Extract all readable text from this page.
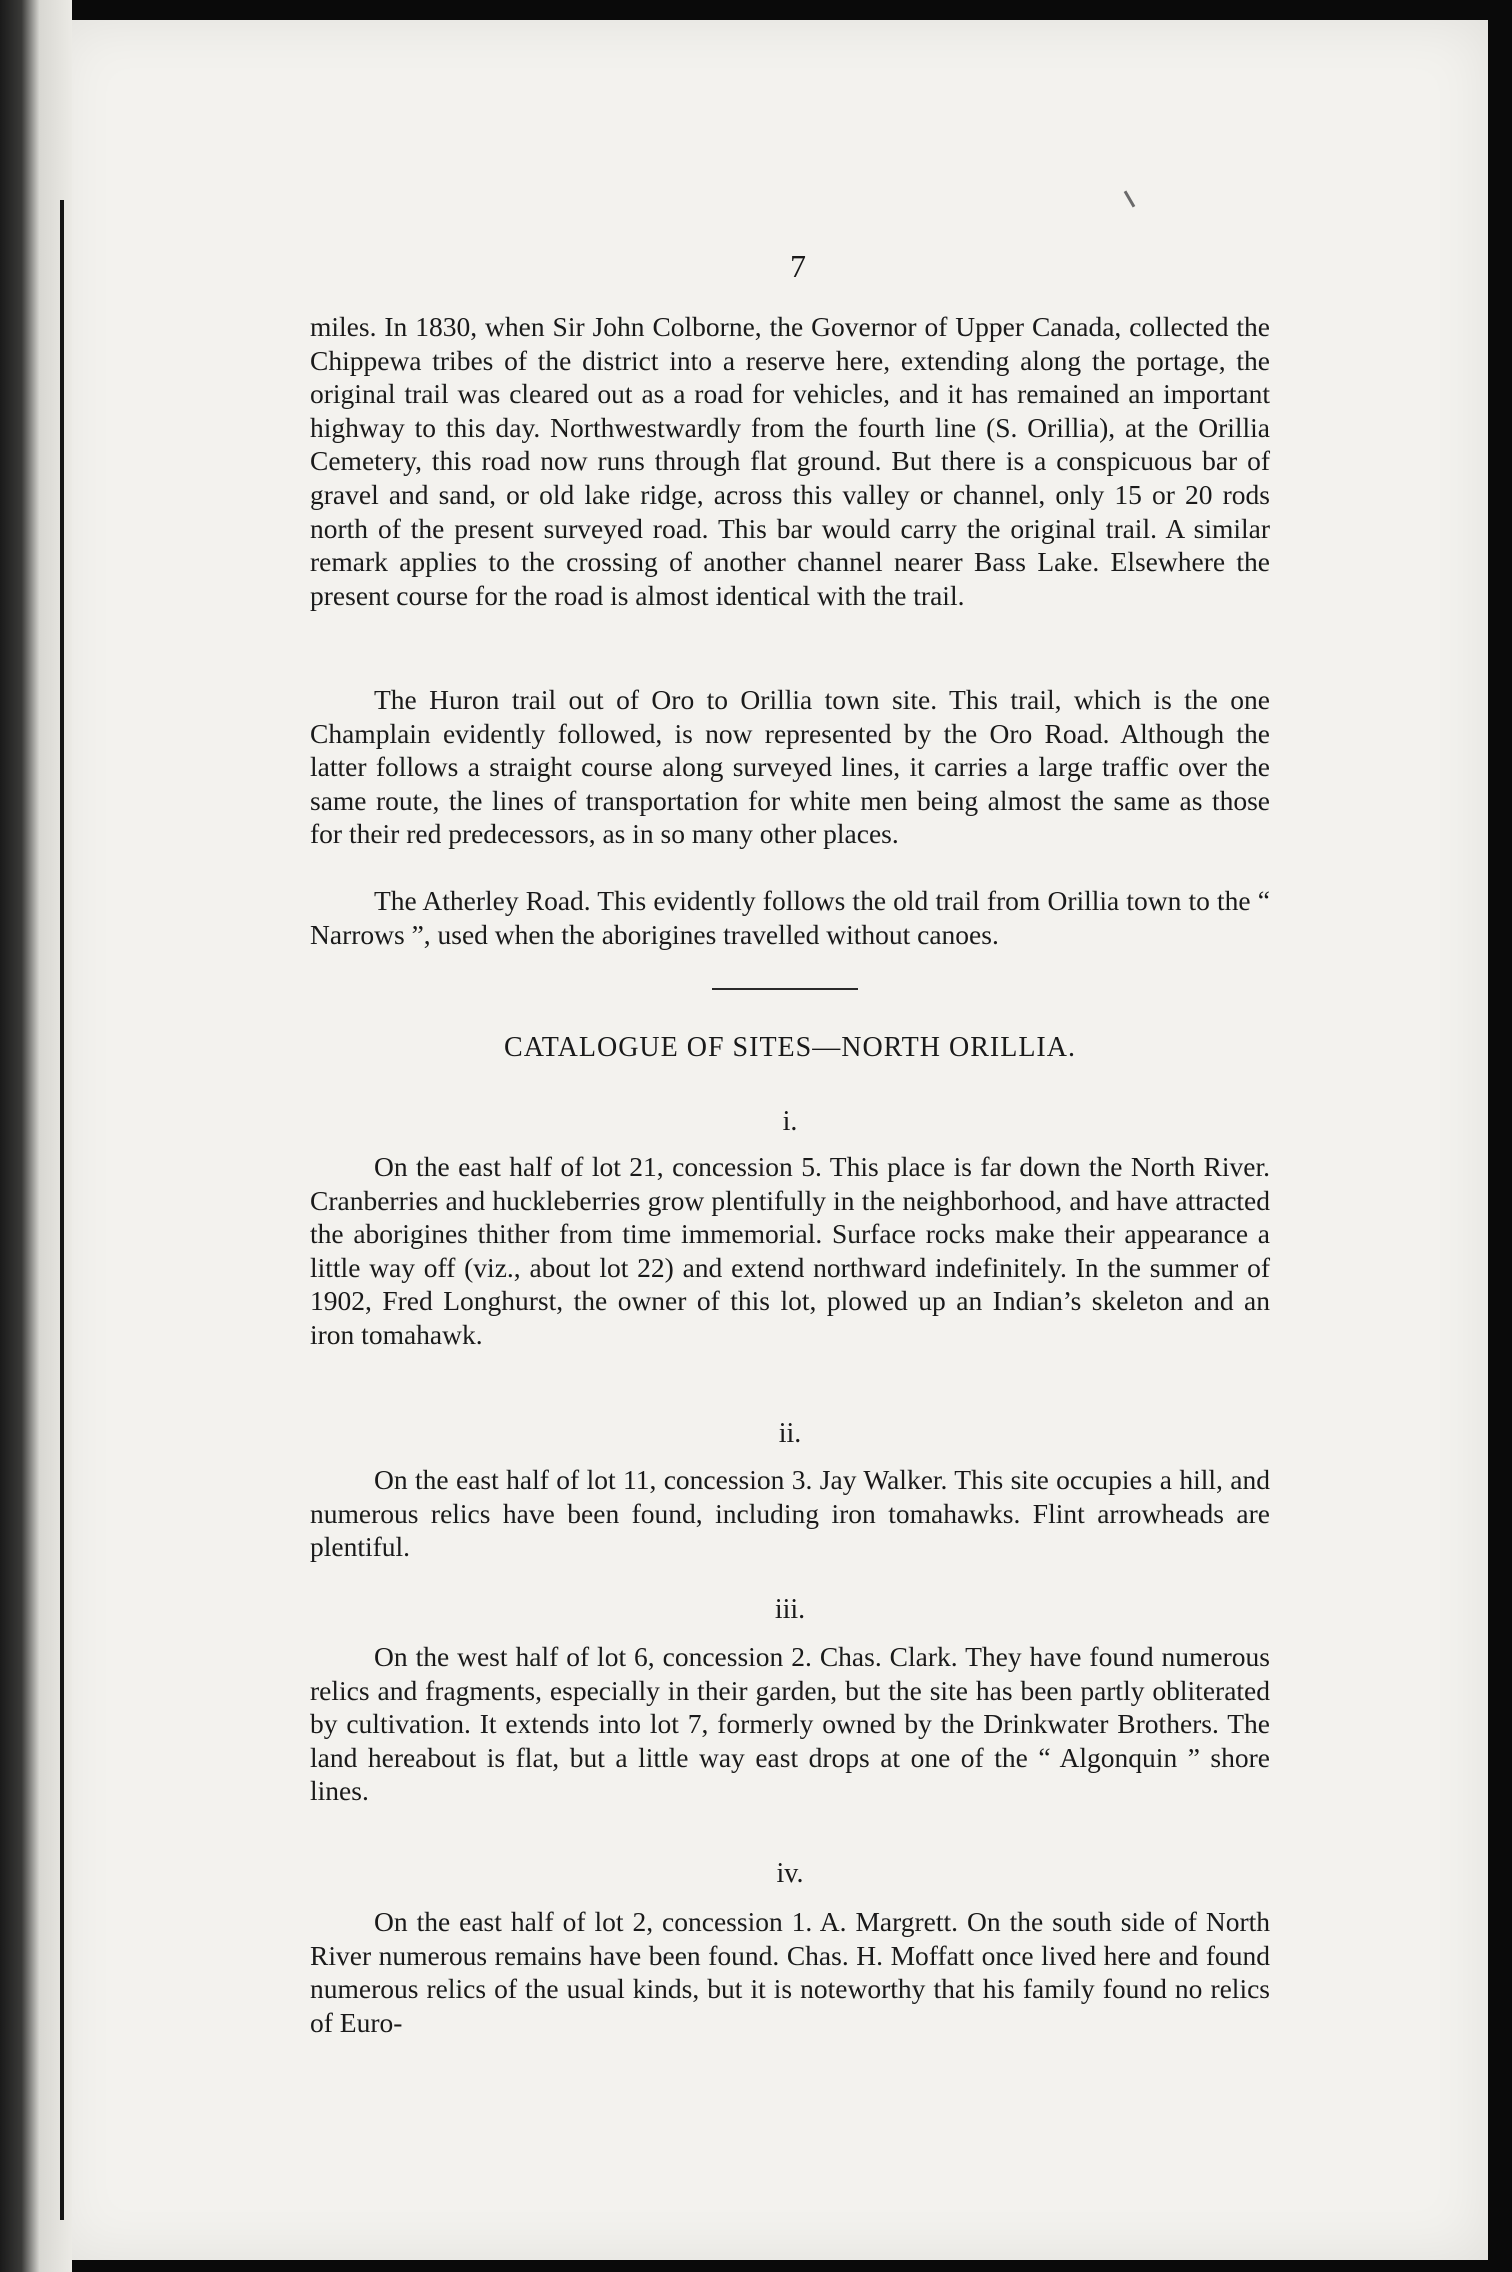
7

miles. In 1830, when Sir John Colborne, the Governor of Upper Canada, collected the Chippewa tribes of the district into a reserve here, extending along the portage, the original trail was cleared out as a road for vehicles, and it has remained an important highway to this day. Northwestwardly from the fourth line (S. Orillia), at the Orillia Cemetery, this road now runs through flat ground. But there is a conspicuous bar of gravel and sand, or old lake ridge, across this valley or channel, only 15 or 20 rods north of the present surveyed road. This bar would carry the original trail. A similar remark applies to the crossing of another channel nearer Bass Lake. Elsewhere the present course for the road is almost identical with the trail.

The Huron trail out of Oro to Orillia town site. This trail, which is the one Champlain evidently followed, is now represented by the Oro Road. Although the latter follows a straight course along surveyed lines, it carries a large traffic over the same route, the lines of transportation for white men being almost the same as those for their red predecessors, as in so many other places.

The Atherley Road. This evidently follows the old trail from Orillia town to the “ Narrows ”, used when the aborigines travelled without canoes.

CATALOGUE OF SITES—NORTH ORILLIA.
i.

On the east half of lot 21, concession 5. This place is far down the North River. Cranberries and huckleberries grow plentifully in the neighborhood, and have attracted the aborigines thither from time immemorial. Surface rocks make their appearance a little way off (viz., about lot 22) and extend northward indefinitely. In the summer of 1902, Fred Longhurst, the owner of this lot, plowed up an Indian’s skeleton and an iron tomahawk.

ii.

On the east half of lot 11, concession 3. Jay Walker. This site occupies a hill, and numerous relics have been found, including iron tomahawks. Flint arrowheads are plentiful.

iii.

On the west half of lot 6, concession 2. Chas. Clark. They have found numerous relics and fragments, especially in their garden, but the site has been partly obliterated by cultivation. It extends into lot 7, formerly owned by the Drinkwater Brothers. The land hereabout is flat, but a little way east drops at one of the “ Algonquin ” shore lines.

iv.

On the east half of lot 2, concession 1. A. Margrett. On the south side of North River numerous remains have been found. Chas. H. Moffatt once lived here and found numerous relics of the usual kinds, but it is noteworthy that his family found no relics of Euro-
